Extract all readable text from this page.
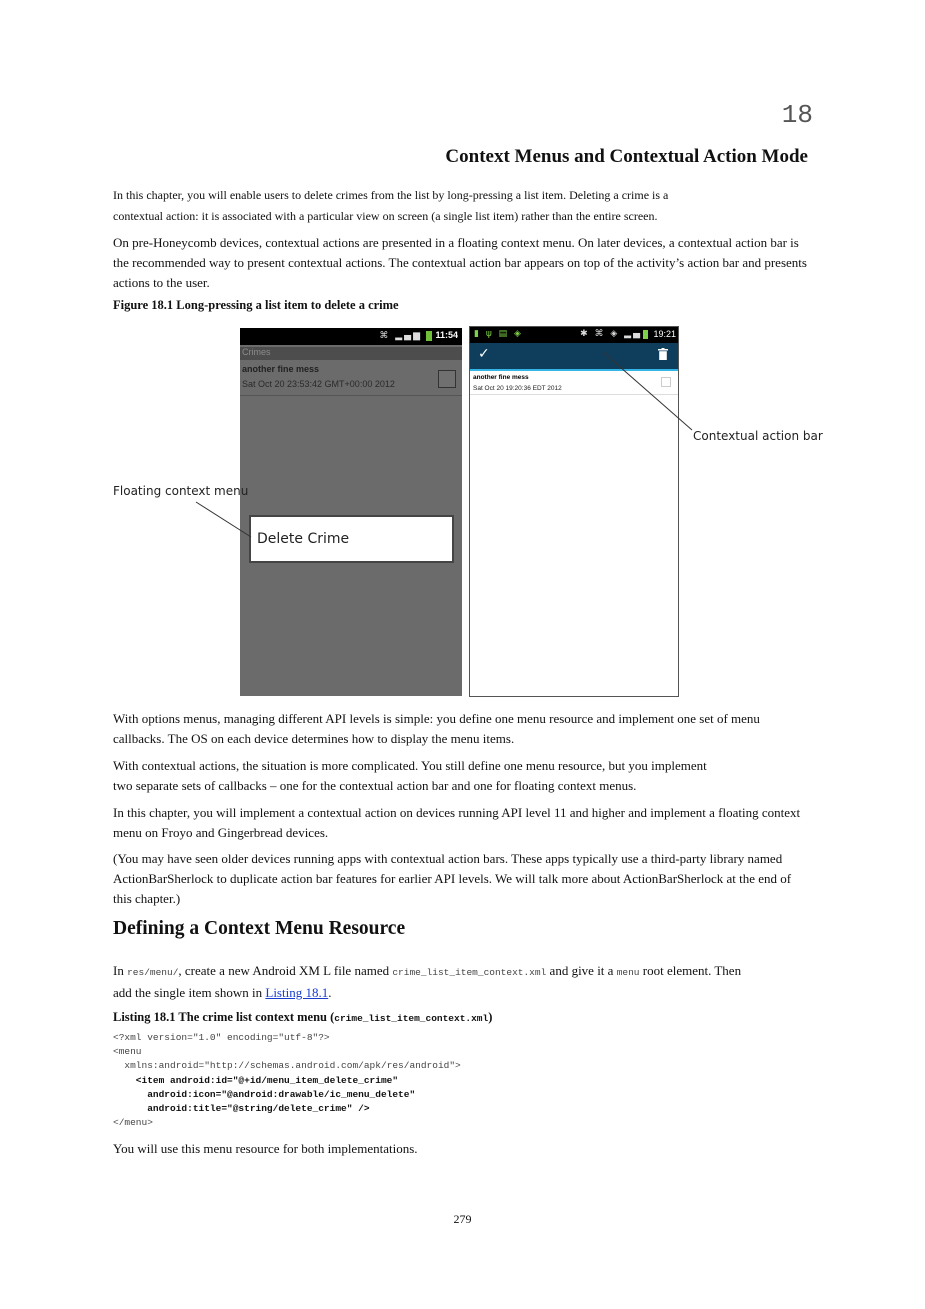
18
Context Menus and Contextual Action Mode
In this chapter, you will enable users to delete crimes from the list by long-pressing a list item. Deleting a crime is a
contextual action: it is associated with a particular view on screen (a single list item) rather than the entire screen.
On pre-Honeycomb devices, contextual actions are presented in a floating context menu. On later devices, a contextual action bar is the recommended way to present contextual actions. The contextual action bar appears on top of the activity’s action bar and presents actions to the user.
Figure 18.1 Long-pressing a list item to delete a crime
⌘ ▂▄▆ 11:54
Crimes
another fine mess
Sat Oct 20 23:53:42 GMT+00:00 2012
Delete Crime
▮ ψ ▤ ◈	✱ ⌘ ◈ ▂▄ 19:21
✓
another fine mess
Sat Oct 20 19:20:36 EDT 2012
Floating context menu
Contextual action bar
With options menus, managing different API levels is simple: you define one menu resource and implement one set of menu callbacks. The OS on each device determines how to display the menu items.
With contextual actions, the situation is more complicated. You still define one menu resource, but you implement
two separate sets of callbacks – one for the contextual action bar and one for floating context menus.
In this chapter, you will implement a contextual action on devices running API level 11 and higher and implement a floating context menu on Froyo and Gingerbread devices.
(You may have seen older devices running apps with contextual action bars. These apps typically use a third-party library named ActionBarSherlock to duplicate action bar features for earlier API levels. We will talk more about ActionBarSherlock at the end of this chapter.)
Defining a Context Menu Resource
In res/menu/, create a new Android XM L file named crime_list_item_context.xml and give it a menu root element. Then
add the single item shown in Listing 18.1.
Listing 18.1 The crime list context menu (crime_list_item_context.xml)
<?xml version="1.0" encoding="utf-8"?>
<menu
xmlns:android="http://schemas.android.com/apk/res/android">
<item android:id="@+id/menu_item_delete_crime"
android:icon="@android:drawable/ic_menu_delete"
android:title="@string/delete_crime" />
</menu>
You will use this menu resource for both implementations.
279
